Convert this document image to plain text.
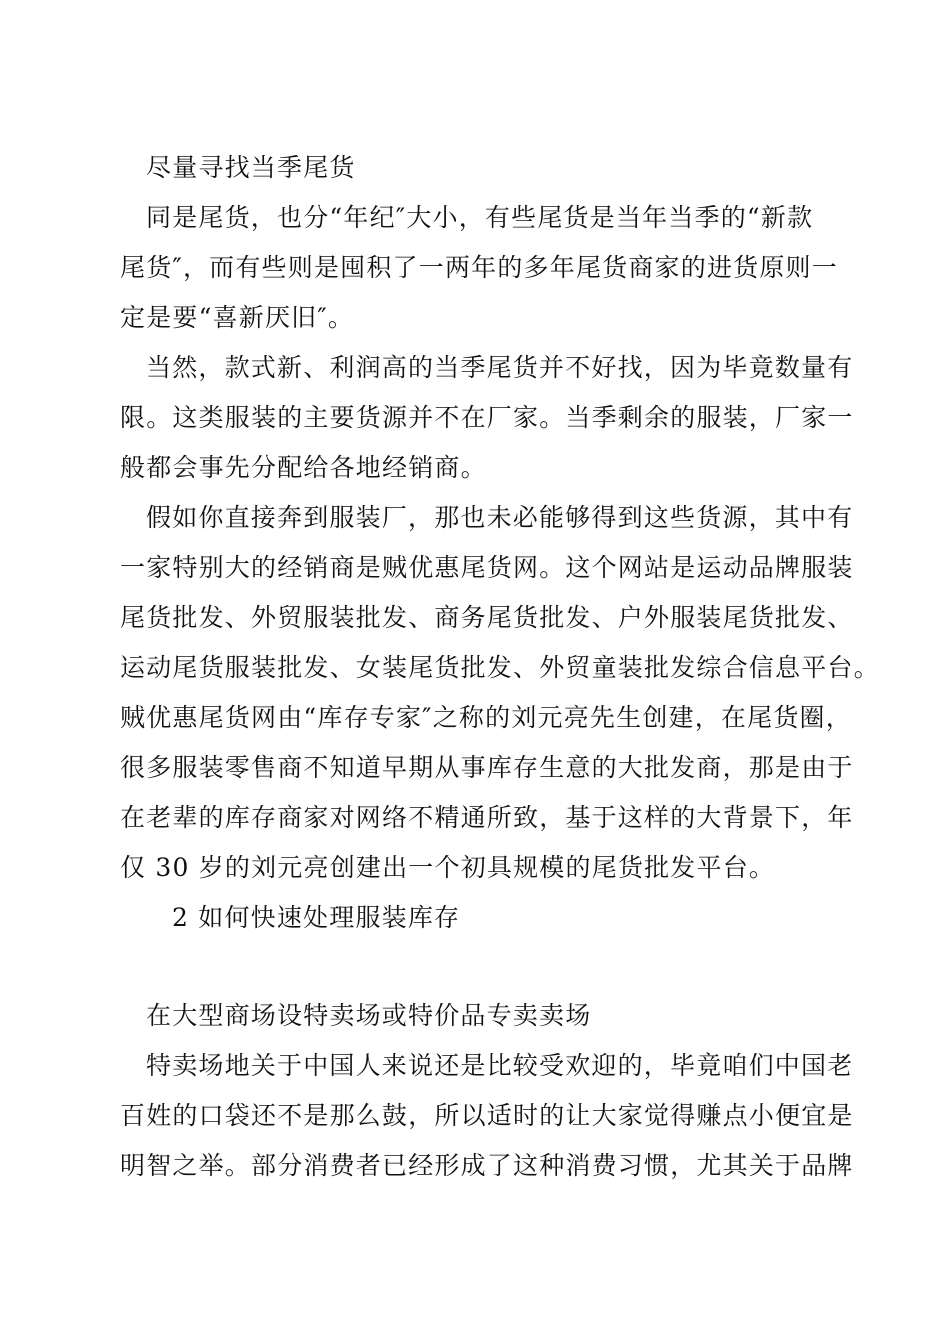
尽量寻找当季尾货
同是尾货，也分“年纪″大小，有些尾货是当年当季的“新款
尾货″，而有些则是囤积了一两年的多年尾货商家的进货原则一
定是要“喜新厌旧″。
当然，款式新、利润高的当季尾货并不好找，因为毕竟数量有
限。这类服装的主要货源并不在厂家。当季剩余的服装，厂家一
般都会事先分配给各地经销商。
假如你直接奔到服装厂，那也未必能够得到这些货源，其中有
一家特别大的经销商是贼优惠尾货网。这个网站是运动品牌服装
尾货批发、外贸服装批发、商务尾货批发、户外服装尾货批发、
运动尾货服装批发、女装尾货批发、外贸童装批发综合信息平台。
贼优惠尾货网由“库存专家″之称的刘元亮先生创建，在尾货圈，
很多服装零售商不知道早期从事库存生意的大批发商，那是由于
在老辈的库存商家对网络不精通所致，基于这样的大背景下，年
仅 30 岁的刘元亮创建出一个初具规模的尾货批发平台。
2 如何快速处理服装库存
在大型商场设特卖场或特价品专卖卖场
特卖场地关于中国人来说还是比较受欢迎的，毕竟咱们中国老
百姓的口袋还不是那么鼓，所以适时的让大家觉得赚点小便宜是
明智之举。部分消费者已经形成了这种消费习惯，尤其关于品牌
